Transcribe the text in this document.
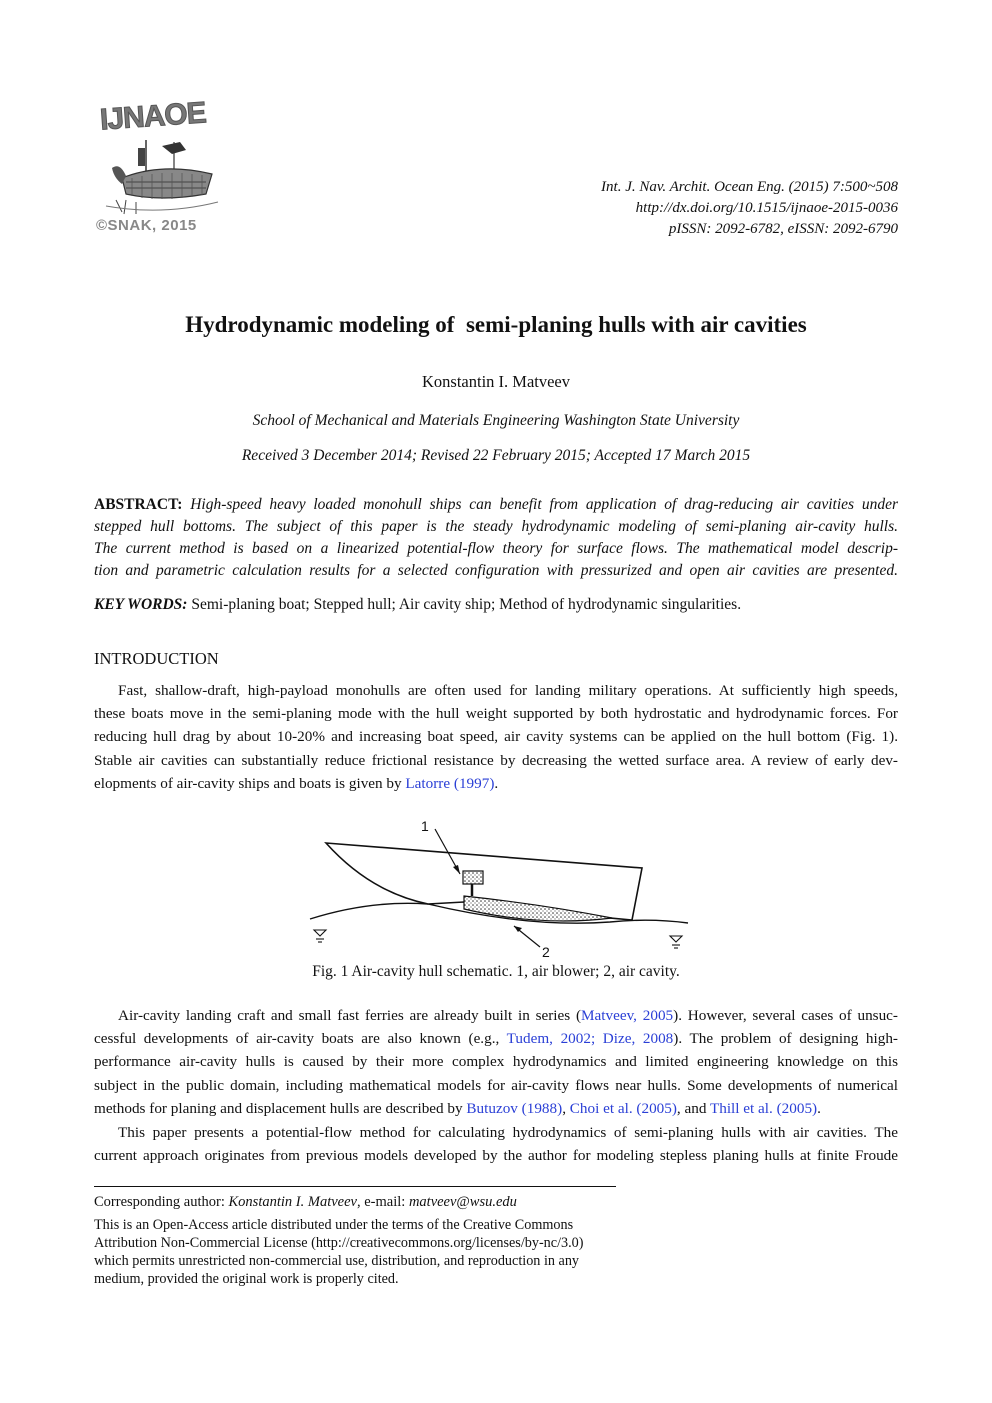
IJNAOE
©SNAK, 2015
Int. J. Nav. Archit. Ocean Eng. (2015) 7:500~508
http://dx.doi.org/10.1515/ijnaoe-2015-0036
pISSN: 2092-6782, eISSN: 2092-6790
Hydrodynamic modeling of  semi-planing hulls with air cavities
Konstantin I. Matveev
School of Mechanical and Materials Engineering Washington State University
Received 3 December 2014; Revised 22 February 2015; Accepted 17 March 2015
ABSTRACT: High-speed heavy loaded monohull ships can benefit from application of drag-reducing air cavities under
stepped hull bottoms. The subject of this paper is the steady hydrodynamic modeling of semi-planing air-cavity hulls.
The current method is based on a linearized potential-flow theory for surface flows. The mathematical model descrip-
tion and parametric calculation results for a selected configuration with pressurized and open air cavities are presented.
KEY WORDS: Semi-planing boat; Stepped hull; Air cavity ship; Method of hydrodynamic singularities.
INTRODUCTION
Fast, shallow-draft, high-payload monohulls are often used for landing military operations. At sufficiently high speeds,
these boats move in the semi-planing mode with the hull weight supported by both hydrostatic and hydrodynamic forces. For
reducing hull drag by about 10-20% and increasing boat speed, air cavity systems can be applied on the hull bottom (Fig. 1).
Stable air cavities can substantially reduce frictional resistance by decreasing the wetted surface area. A review of early dev-
elopments of air-cavity ships and boats is given by Latorre (1997).
1
2
Fig. 1 Air-cavity hull schematic. 1, air blower; 2, air cavity.
Air-cavity landing craft and small fast ferries are already built in series (Matveev, 2005). However, several cases of unsuc-
cessful developments of air-cavity boats are also known (e.g., Tudem, 2002; Dize, 2008). The problem of designing high-
performance air-cavity hulls is caused by their more complex hydrodynamics and limited engineering knowledge on this
subject in the public domain, including mathematical models for air-cavity flows near hulls. Some developments of numerical
methods for planing and displacement hulls are described by Butuzov (1988), Choi et al. (2005), and Thill et al. (2005).
This paper presents a potential-flow method for calculating hydrodynamics of semi-planing hulls with air cavities. The
current approach originates from previous models developed by the author for modeling stepless planing hulls at finite Froude
Corresponding author: Konstantin I. Matveev, e-mail: matveev@wsu.edu
This is an Open-Access article distributed under the terms of the Creative Commons
Attribution Non-Commercial License (http://creativecommons.org/licenses/by-nc/3.0)
which permits unrestricted non-commercial use, distribution, and reproduction in any
medium, provided the original work is properly cited.
